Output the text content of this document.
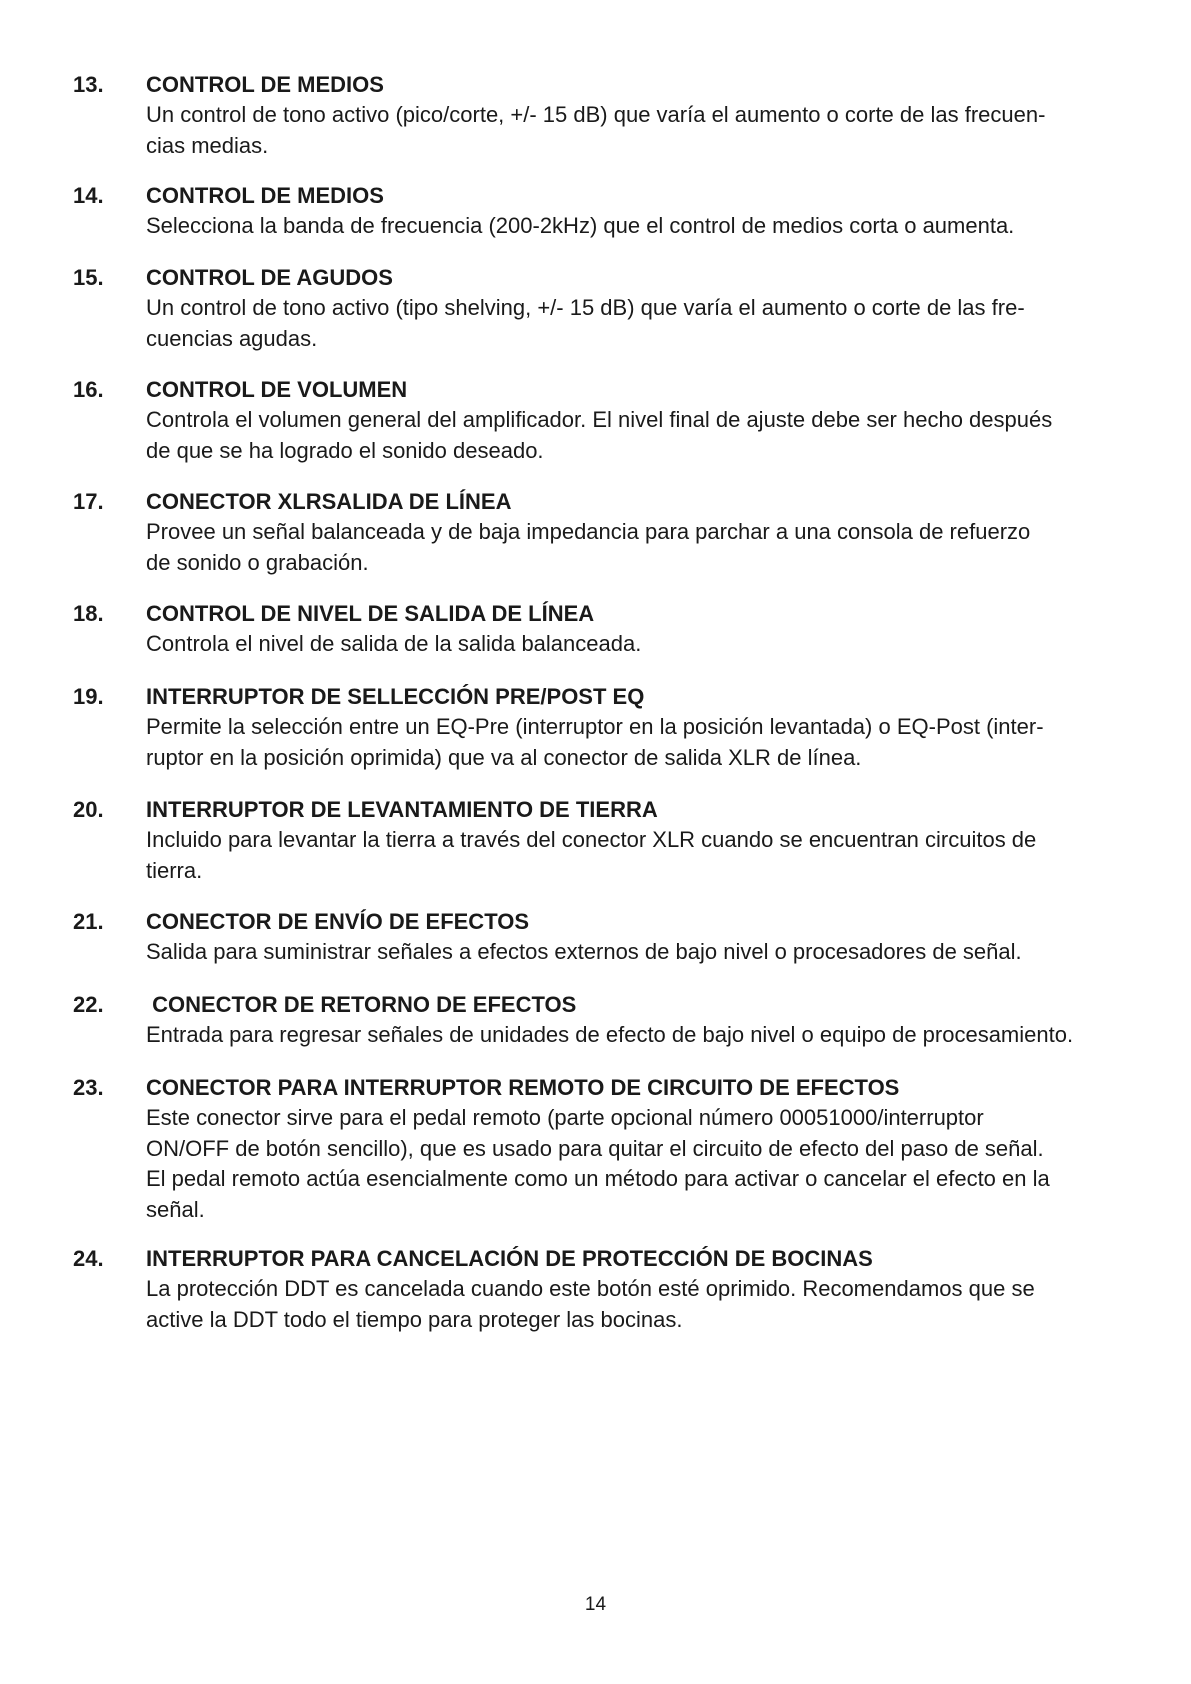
13. CONTROL DE MEDIOS
Un control de tono activo (pico/corte, +/- 15 dB) que varía el aumento o corte de las frecuen-
cias medias.
14. CONTROL DE MEDIOS
Selecciona la banda de frecuencia (200-2kHz) que el control de medios corta o aumenta.
15. CONTROL DE AGUDOS
Un control de tono activo (tipo shelving, +/- 15 dB) que varía el aumento o corte de las fre-
cuencias agudas.
16. CONTROL DE VOLUMEN
Controla el volumen general del amplificador. El nivel final de ajuste debe ser hecho después
de que se ha logrado el sonido deseado.
17. CONECTOR XLRSALIDA DE LÍNEA
Provee un señal balanceada y de baja impedancia para parchar a una consola de refuerzo
de sonido o grabación.
18. CONTROL DE NIVEL DE SALIDA DE LÍNEA
Controla el nivel de salida de la salida balanceada.
19. INTERRUPTOR DE SELLECCIÓN PRE/POST EQ
Permite la selección entre un EQ-Pre (interruptor en la posición levantada) o EQ-Post (inter-
ruptor en la posición oprimida) que va al conector de salida XLR de línea.
20. INTERRUPTOR DE LEVANTAMIENTO DE TIERRA
Incluido para levantar la tierra a través del conector XLR cuando se encuentran circuitos de
tierra.
21. CONECTOR DE ENVÍO DE EFECTOS
Salida para suministrar señales a efectos externos de bajo nivel o procesadores de señal.
22. CONECTOR DE RETORNO DE EFECTOS
Entrada para regresar señales de unidades de efecto de bajo nivel o equipo de procesamiento.
23. CONECTOR PARA INTERRUPTOR REMOTO DE CIRCUITO DE EFECTOS
Este conector sirve para el pedal remoto (parte opcional número 00051000/interruptor
ON/OFF de botón sencillo), que es usado para quitar el circuito de efecto del paso de señal.
El pedal remoto actúa esencialmente como un método para activar o cancelar el efecto en la
señal.
24. INTERRUPTOR PARA CANCELACIÓN DE PROTECCIÓN DE BOCINAS
La protección DDT es cancelada cuando este botón esté oprimido. Recomendamos que se
active la DDT todo el tiempo para proteger las bocinas.
14
